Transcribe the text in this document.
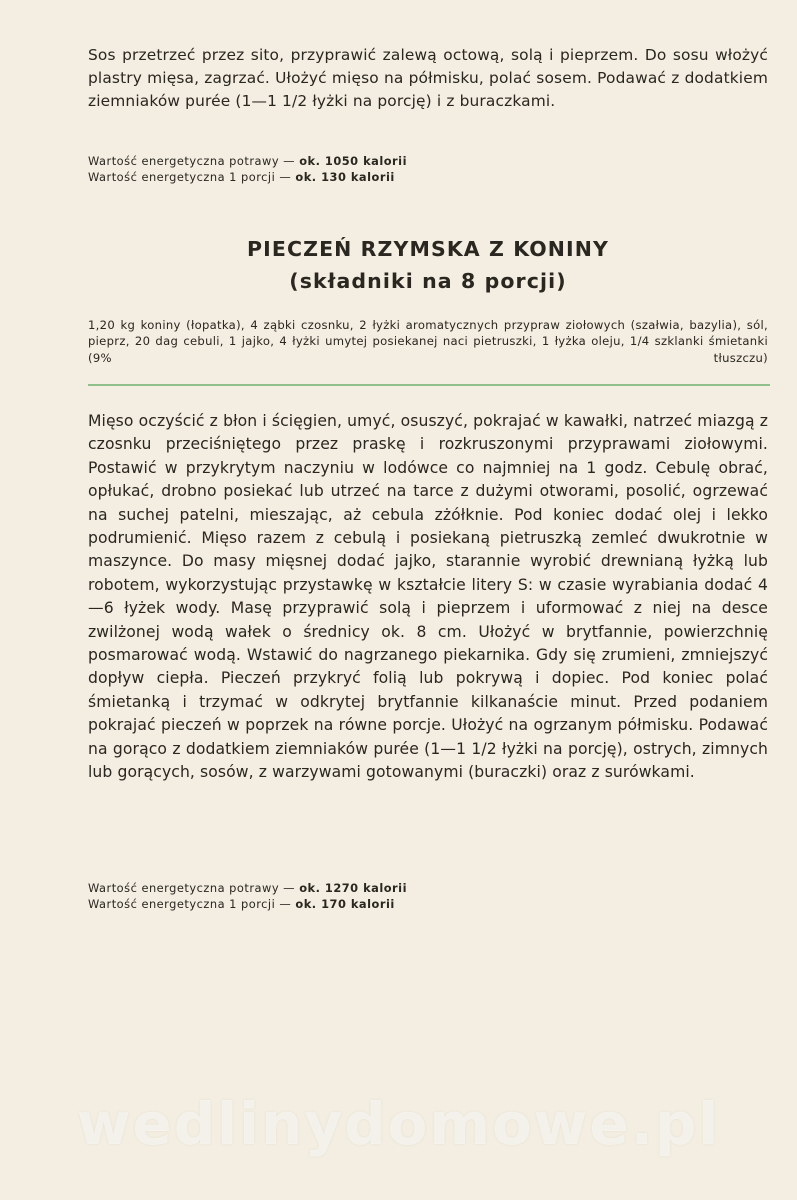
Sos przetrzeć przez sito, przyprawić zalewą octową, solą i pieprzem. Do sosu włożyć plastry mięsa, zagrzać. Ułożyć mięso na półmisku, polać sosem. Podawać z dodatkiem ziemniaków purée (1—1 1/2 łyżki na porcję) i z buraczkami.

Wartość energetyczna potrawy — ok. 1050 kalorii
Wartość energetyczna 1 porcji — ok. 130 kalorii
PIECZEŃ RZYMSKA Z KONINY
(składniki na 8 porcji)

1,20 kg koniny (łopatka), 4 ząbki czosnku, 2 łyżki aromatycznych przypraw ziołowych (szałwia, bazylia), sól, pieprz, 20 dag cebuli, 1 jajko, 4 łyżki umytej posiekanej naci pietruszki, 1 łyżka oleju, 1/4 szklanki śmietanki (9% tłuszczu)

Mięso oczyścić z błon i ścięgien, umyć, osuszyć, pokrajać w kawałki, natrzeć miazgą z czosnku przeciśniętego przez praskę i rozkruszonymi przyprawami ziołowymi. Postawić w przykrytym naczyniu w lodówce co najmniej na 1 godz. Cebulę obrać, opłukać, drobno posiekać lub utrzeć na tarce z dużymi otworami, posolić, ogrzewać na suchej patelni, mieszając, aż cebula zżółknie. Pod koniec dodać olej i lekko podrumienić. Mięso razem z cebulą i posiekaną pietruszką zemleć dwukrotnie w maszynce. Do masy mięsnej dodać jajko, starannie wyrobić drewnianą łyżką lub robotem, wykorzystując przystawkę w kształcie litery S: w czasie wyrabiania dodać 4—6 łyżek wody. Masę przyprawić solą i pieprzem i uformować z niej na desce zwilżonej wodą wałek o średnicy ok. 8 cm. Ułożyć w brytfannie, powierzchnię posmarować wodą. Wstawić do nagrzanego piekarnika. Gdy się zrumieni, zmniejszyć dopływ ciepła. Pieczeń przykryć folią lub pokrywą i dopiec. Pod koniec polać śmietanką i trzymać w odkrytej brytfannie kilkanaście minut. Przed podaniem pokrajać pieczeń w poprzek na równe porcje. Ułożyć na ogrzanym półmisku. Podawać na gorąco z dodatkiem ziemniaków purée (1—1 1/2 łyżki na porcję), ostrych, zimnych lub gorących, sosów, z warzywami gotowanymi (buraczki) oraz z surówkami.

Wartość energetyczna potrawy — ok. 1270 kalorii
Wartość energetyczna 1 porcji — ok. 170 kalorii
wedlinydomowe.pl
